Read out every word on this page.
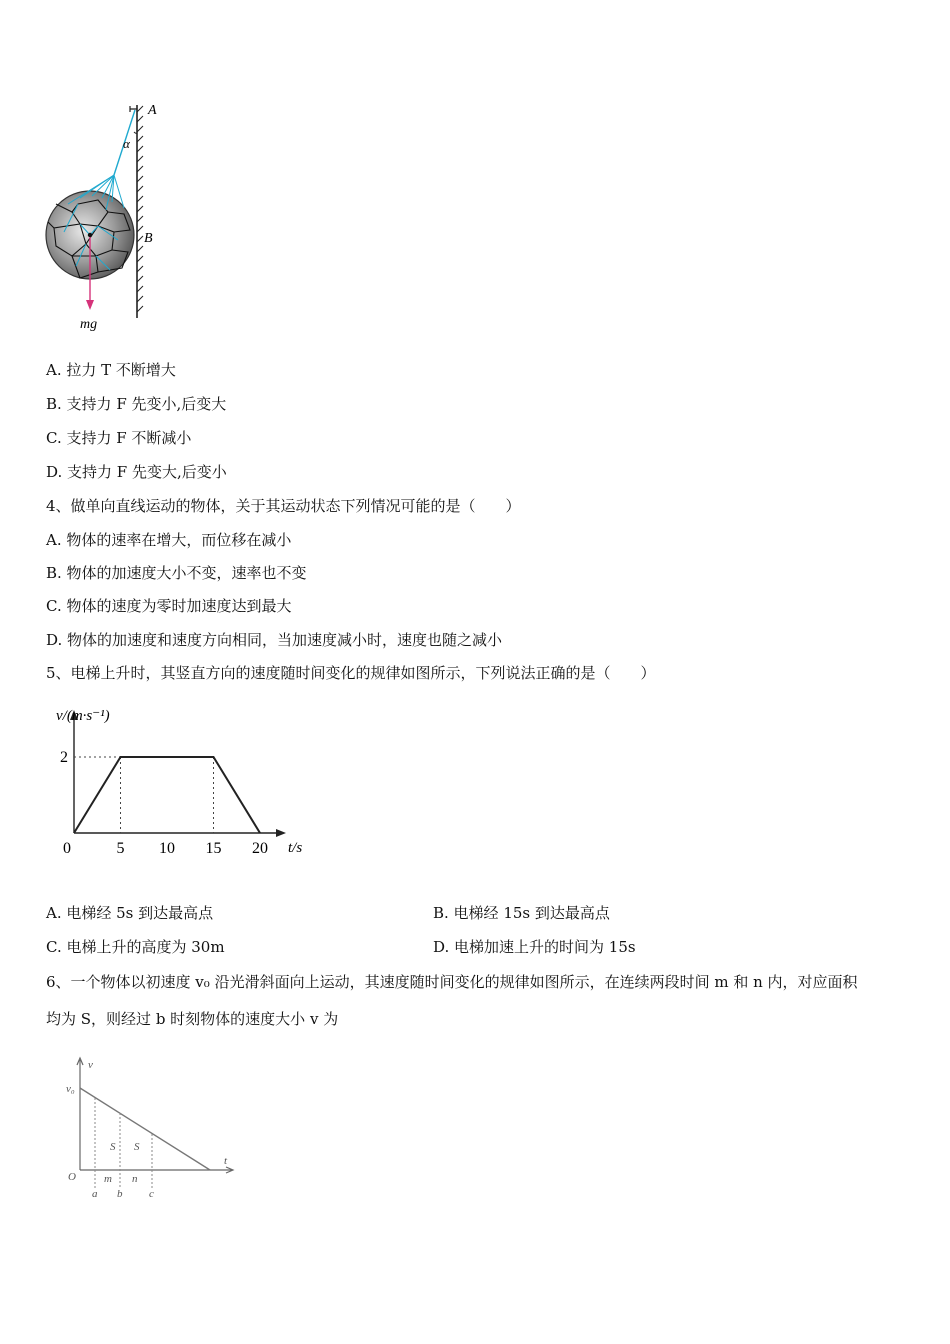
A
α
B
mg
A. 拉力 T 不断增大
B. 支持力 F 先变小,后变大
C. 支持力 F 不断减小
D. 支持力 F 先变大,后变小
4、做单向直线运动的物体，关于其运动状态下列情况可能的是（　　）
A. 物体的速率在增大，而位移在减小
B. 物体的加速度大小不变，速率也不变
C. 物体的速度为零时加速度达到最大
D. 物体的加速度和速度方向相同，当加速度减小时，速度也随之减小
5、电梯上升时，其竖直方向的速度随时间变化的规律如图所示，下列说法正确的是（　　）
0	5 10 15 20
2
v/(m·s⁻¹)
t/s
A. 电梯经 5s 到达最高点	B. 电梯经 15s 到达最高点
C. 电梯上升的高度为 30m	D. 电梯加速上升的时间为 15s
6、一个物体以初速度 v₀ 沿光滑斜面向上运动，其速度随时间变化的规律如图所示，在连续两段时间 m 和 n 内，对应面积
均为 S，则经过 b 时刻物体的速度大小 v 为
v
v₀
O
t
S S
m n
a b c
